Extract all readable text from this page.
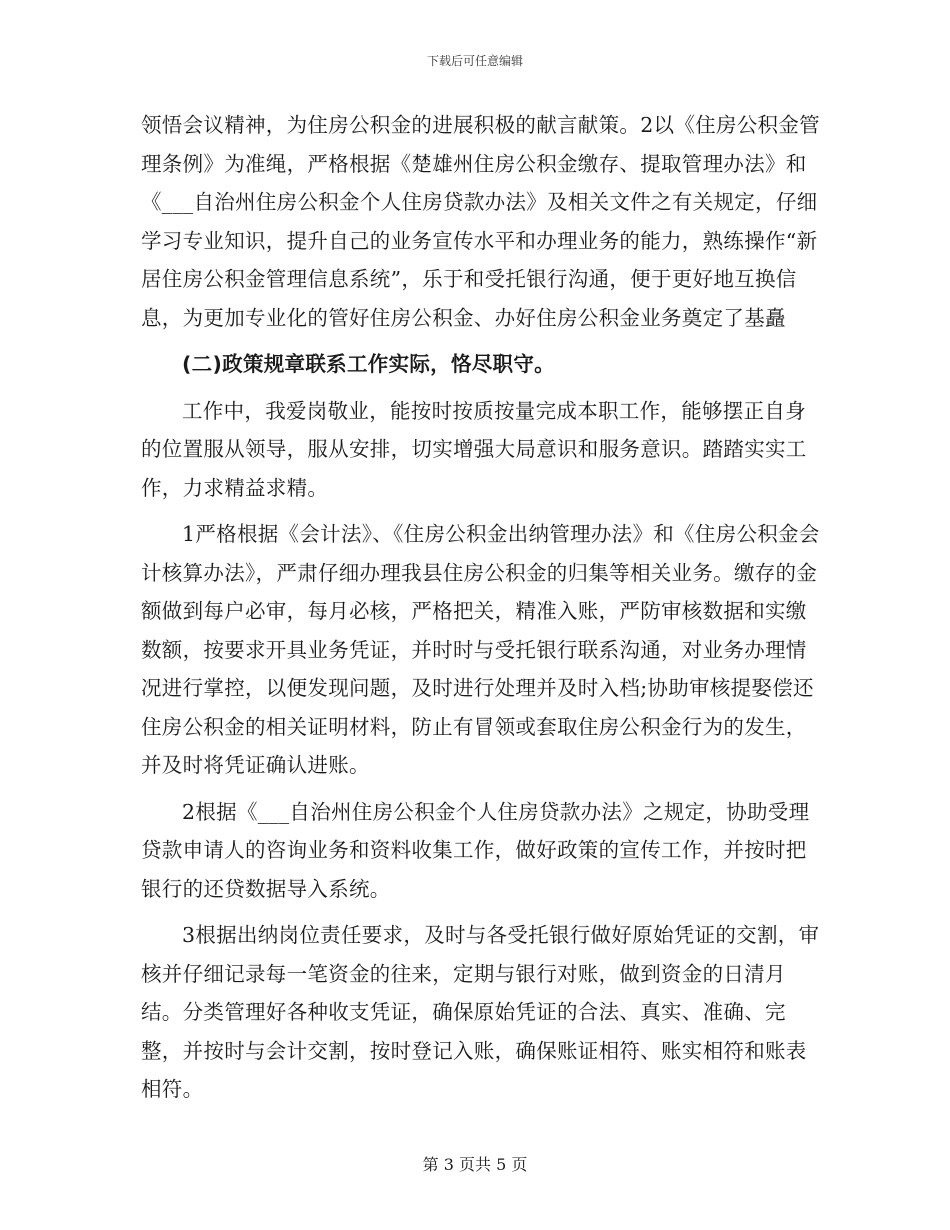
下载后可任意编辑

领悟会议精神，为住房公积金的进展积极的献言献策。2以《住房公积金管理条例》为准绳，严格根据《楚雄州住房公积金缴存、提取管理办法》和《___自治州住房公积金个人住房贷款办法》及相关文件之有关规定，仔细学习专业知识，提升自己的业务宣传水平和办理业务的能力，熟练操作“新居住房公积金管理信息系统”，乐于和受托银行沟通，便于更好地互换信息，为更加专业化的管好住房公积金、办好住房公积金业务奠定了基矗

(二)政策规章联系工作实际，恪尽职守。

工作中，我爱岗敬业，能按时按质按量完成本职工作，能够摆正自身的位置服从领导，服从安排，切实增强大局意识和服务意识。踏踏实实工作，力求精益求精。

1严格根据《会计法》、《住房公积金出纳管理办法》和《住房公积金会计核算办法》，严肃仔细办理我县住房公积金的归集等相关业务。缴存的金额做到每户必审，每月必核，严格把关，精准入账，严防审核数据和实缴数额，按要求开具业务凭证，并时时与受托银行联系沟通，对业务办理情况进行掌控，以便发现问题，及时进行处理并及时入档;协助审核提娶偿还住房公积金的相关证明材料，防止有冒领或套取住房公积金行为的发生，并及时将凭证确认进账。

2根据《___自治州住房公积金个人住房贷款办法》之规定，协助受理贷款申请人的咨询业务和资料收集工作，做好政策的宣传工作，并按时把银行的还贷数据导入系统。

3根据出纳岗位责任要求，及时与各受托银行做好原始凭证的交割，审核并仔细记录每一笔资金的往来，定期与银行对账，做到资金的日清月结。分类管理好各种收支凭证，确保原始凭证的合法、真实、准确、完整，并按时与会计交割，按时登记入账，确保账证相符、账实相符和账表相符。

第 3 页共 5 页
